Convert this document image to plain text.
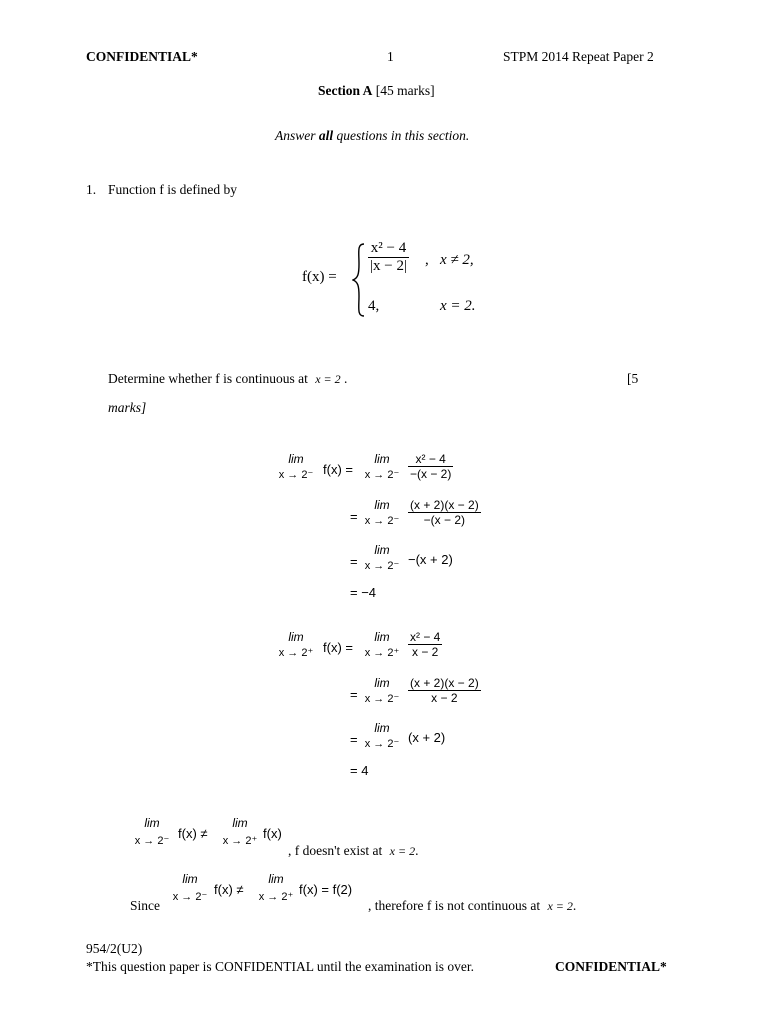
CONFIDENTIAL*	1	STPM 2014 Repeat Paper 2
Section A [45 marks]
Answer all questions in this section.
1. Function f is defined by
f(x) =
$\frac{\text{x² − 4}}{|x - 2|}$ , x ≠ 2,
4,	x = 2.
Determine whether f is continuous at x = 2 .	[5
marks]
lim
x → 2⁻ f(x) =
lim
$x \to 2^- \frac{\text{x² − 4}}{-(x - 2)}$
=
lim
$x \to 2^- \frac{(x + 2)(x - 2)}{-(x - 2)}$
=
lim
x → 2⁻ −(x + 2)
= −4
lim
x → 2⁺ f(x) =
lim
$x \to 2^+ \frac{\text{x² − 4}}{x - 2}$
=
lim
$x \to 2^- \frac{(x + 2)(x - 2)}{x - 2}$
=
lim
x → 2⁻ (x + 2)
= 4
lim
x → 2⁻ f(x) ≠
lim
x → 2⁺ f(x)
, f doesn't exist at x = 2.
Since
lim
x → 2⁻ f(x) ≠
lim
x → 2⁺ f(x) = f(2)
, therefore f is not continuous at x = 2.
954/2(U2)
*This question paper is CONFIDENTIAL until the examination is over.	CONFIDENTIAL*
